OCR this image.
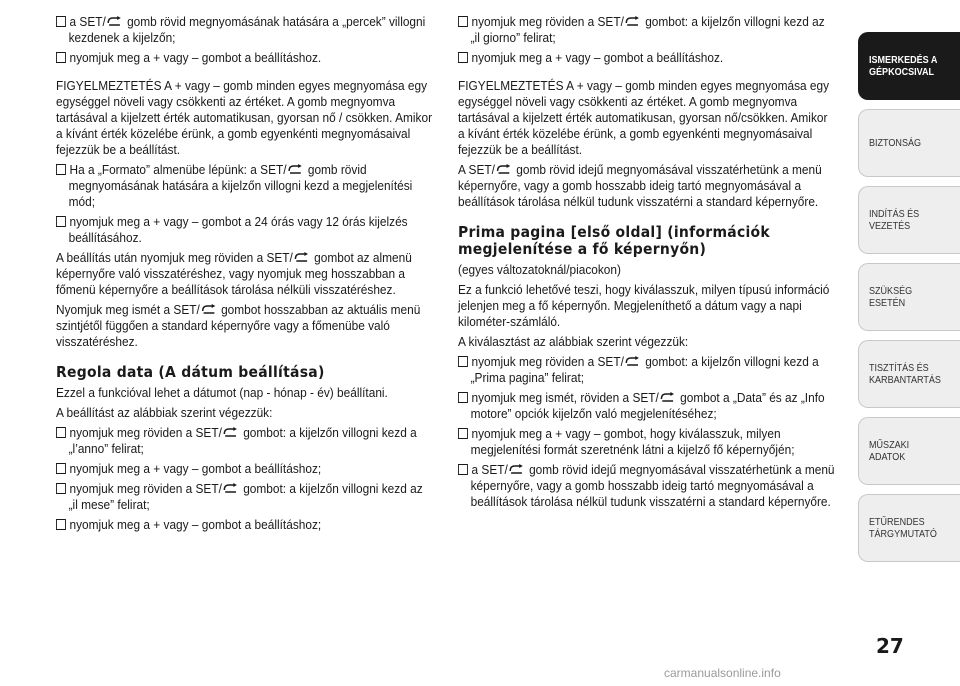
a SET/
gomb rövid megnyomásának hatására a „percek” villogni kezdenek a kijelzőn;

nyomjuk meg a + vagy – gombot a beállításhoz.

FIGYELMEZTETÉS A + vagy – gomb minden egyes megnyomása egy egységgel növeli vagy csökkenti az értéket. A gomb megnyomva tartásával a kijelzett érték automatikusan, gyorsan nő / csökken. Amikor a kívánt érték közelébe érünk, a gomb egyenkénti megnyomásaival fejezzük be a beállítást.

Ha a „Formato” almenübe lépünk: a SET/
gomb rövid megnyomásának hatására a kijelzőn villogni kezd a megjelenítési mód;

nyomjuk meg a + vagy – gombot a 24 órás vagy 12 órás kijelzés beállításához.

A beállítás után nyomjuk meg röviden a SET/
gombot az almenü képernyőre való visszatéréshez, vagy nyomjuk meg hosszabban a főmenü képernyőre a beállítások tárolása nélküli visszatéréshez.

Nyomjuk meg ismét a SET/
gombot hosszabban az aktuális menü szintjétől függően a standard képernyőre vagy a főmenübe való visszatéréshez.

Regola data (A dátum beállítása)

Ezzel a funkcióval lehet a dátumot (nap - hónap - év) beállítani.

A beállítást az alábbiak szerint végezzük:

nyomjuk meg röviden a SET/
gombot: a kijelzőn villogni kezd a „l’anno” felirat;

nyomjuk meg a + vagy – gombot a beállításhoz;

nyomjuk meg röviden a SET/
gombot: a kijelzőn villogni kezd az „il mese” felirat;

nyomjuk meg a + vagy – gombot a beállításhoz;

nyomjuk meg röviden a SET/
gombot: a kijelzőn villogni kezd az „il giorno” felirat;

nyomjuk meg a + vagy – gombot a beállításhoz.

FIGYELMEZTETÉS A + vagy – gomb minden egyes megnyomása egy egységgel növeli vagy csökkenti az értéket. A gomb megnyomva tartásával a kijelzett érték automatikusan, gyorsan nő/csökken. Amikor a kívánt érték közelébe érünk, a gomb egyenkénti megnyomásaival fejezzük be a beállítást.

A SET/
gomb rövid idejű megnyomásával visszatérhetünk a menü képernyőre, vagy a gomb hosszabb ideig tartó megnyomásával a beállítások tárolása nélkül tudunk visszatérni a standard képernyőre.

Prima pagina [első oldal] (információk megjelenítése a fő képernyőn)

(egyes változatoknál/piacokon)

Ez a funkció lehetővé teszi, hogy kiválasszuk, milyen típusú információ jelenjen meg a fő képernyőn. Megjeleníthető a dátum vagy a napi kilométer-számláló.

A kiválasztást az alábbiak szerint végezzük:

nyomjuk meg röviden a SET/
gombot: a kijelzőn villogni kezd a „Prima pagina” felirat;

nyomjuk meg ismét, röviden a SET/
gombot a „Data” és az „Info motore” opciók kijelzőn való megjelenítéséhez;

nyomjuk meg a + vagy – gombot, hogy kiválasszuk, milyen megjelenítési formát szeretnénk látni a kijelző fő képernyőjén;

a SET/
gomb rövid idejű megnyomásával visszatérhetünk a menü képernyőre, vagy a gomb hosszabb ideig tartó megnyomásával a beállítások tárolása nélkül tudunk visszatérni a standard képernyőre.

ISMERKEDÉS A GÉPKOCSIVAL
BIZTONSÁG
INDÍTÁS ÉS VEZETÉS
SZÜKSÉG ESETÉN
TISZTÍTÁS ÉS KARBANTARTÁS
MŰSZAKI ADATOK
ETŰRENDES TÁRGYMUTATÓ
27
carmanualsonline.info
